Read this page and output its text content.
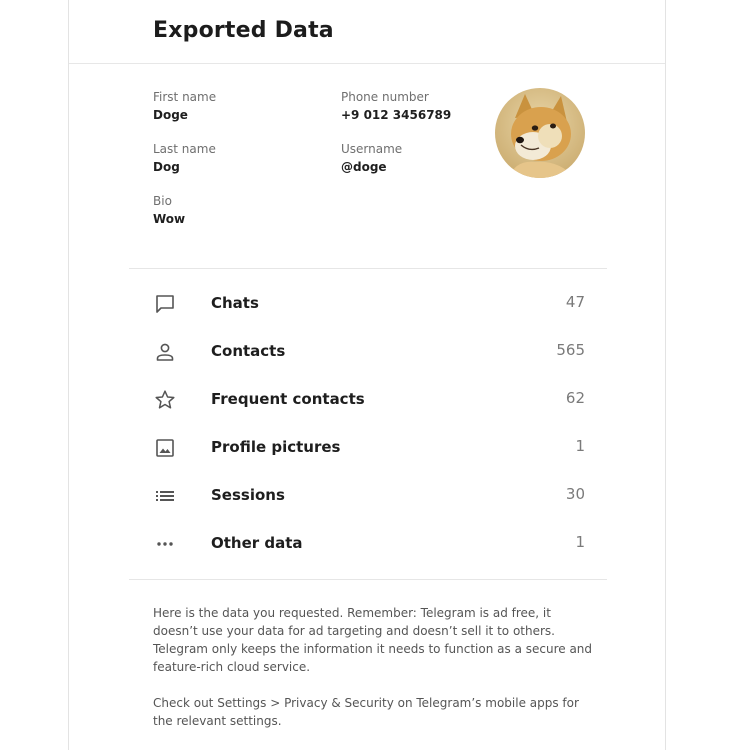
Exported Data
First name
Doge
Last name
Dog
Bio
Wow
Phone number
+9 012 3456789
Username
@doge
Chats	47
Contacts	565
Frequent contacts	62
Profile pictures	1
Sessions	30
Other data	1
Here is the data you requested. Remember: Telegram is ad free, it doesn’t use your data for ad targeting and doesn’t sell it to others. Telegram only keeps the information it needs to function as a secure and feature-rich cloud service.
Check out Settings > Privacy & Security on Telegram’s mobile apps for the relevant settings.
